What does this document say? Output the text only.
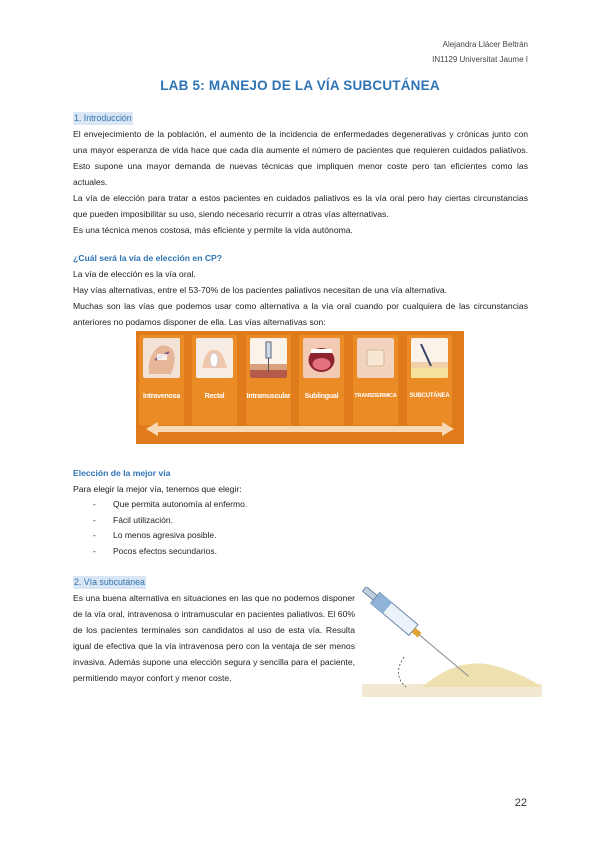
Alejandra Llácer Beltrán
IN1129 Universitat Jaume I
LAB 5: MANEJO DE LA VÍA SUBCUTÁNEA
1. Introducción

El envejecimiento de la población, el aumento de la incidencia de enfermedades degenerativas y crónicas junto con una mayor esperanza de vida hace que cada día aumente el número de pacientes que requieren cuidados paliativos. Esto supone una mayor demanda de nuevas técnicas que impliquen menor coste pero tan eficientes como las actuales.

La vía de elección para tratar a estos pacientes en cuidados paliativos es la vía oral pero hay ciertas circunstancias que pueden imposibilitar su uso, siendo necesario recurrir a otras vías alternativas.

Es una técnica menos costosa, más eficiente y permite la vida autónoma.

¿Cuál será la vía de elección en CP?

La vía de elección es la vía oral.

Hay vías alternativas, entre el 53-70% de los pacientes paliativos necesitan de una vía alternativa.

Muchas son las vías que podemos usar como alternativa a la vía oral cuando por cualquiera de las circunstancias anteriores no podamos disponer de ella. Las vías alternativas son:

Intravenosa	Rectal	Intramuscular	Sublingual	TRANSDERMICA	SUBCUTÁNEA

Elección de la mejor vía

Para elegir la mejor vía, tenemos que elegir:

- Que permita autonomía al enfermo.
- Fácil utilización.
- Lo menos agresiva posible.
- Pocos efectos secundarios.
2. Vía subcutánea

Es una buena alternativa en situaciones en las que no podemos disponer de la vía oral, intravenosa o intramuscular en pacientes paliativos. El 60% de los pacientes terminales son candidatos al uso de esta vía. Resulta igual de efectiva que la vía intravenosa pero con la ventaja de ser menos invasiva. Además supone una elección segura y sencilla para el paciente, permitiendo mayor confort y menor coste.

22
